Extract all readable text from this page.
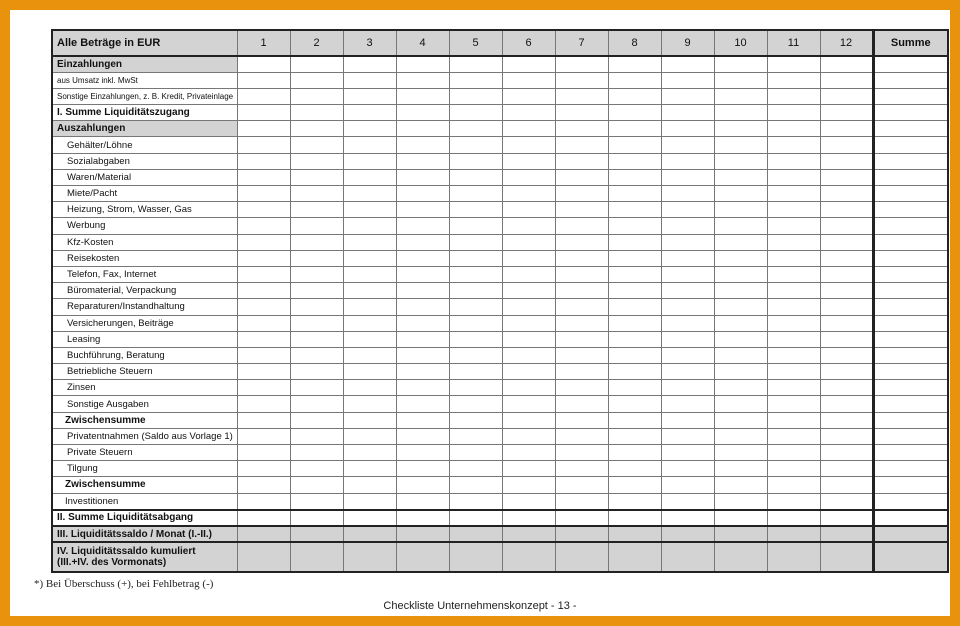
Alle Beträge in EUR	1	2	3	4	5	6	7	8	9	10	11	12	Summe
Einzahlungen													
aus Umsatz inkl. MwSt													
Sonstige Einzahlungen, z. B. Kredit, Privateinlage													
I. Summe Liquiditätszugang													
Auszahlungen													
Gehälter/Löhne													
Sozialabgaben													
Waren/Material													
Miete/Pacht													
Heizung, Strom, Wasser, Gas													
Werbung													
Kfz-Kosten													
Reisekosten													
Telefon, Fax, Internet													
Büromaterial, Verpackung													
Reparaturen/Instandhaltung													
Versicherungen, Beiträge													
Leasing													
Buchführung, Beratung													
Betriebliche Steuern													
Zinsen													
Sonstige Ausgaben													
Zwischensumme													
Privatentnahmen (Saldo aus Vorlage 1)													
Private Steuern													
Tilgung													
Zwischensumme													
Investitionen													
II. Summe Liquiditätsabgang													
III. Liquiditätssaldo / Monat (I.-II.)													
IV. Liquiditätssaldo kumuliert
(III.+IV. des Vormonats)													
*) Bei Überschuss (+), bei Fehlbetrag (-)
Checkliste Unternehmenskonzept - 13 -
